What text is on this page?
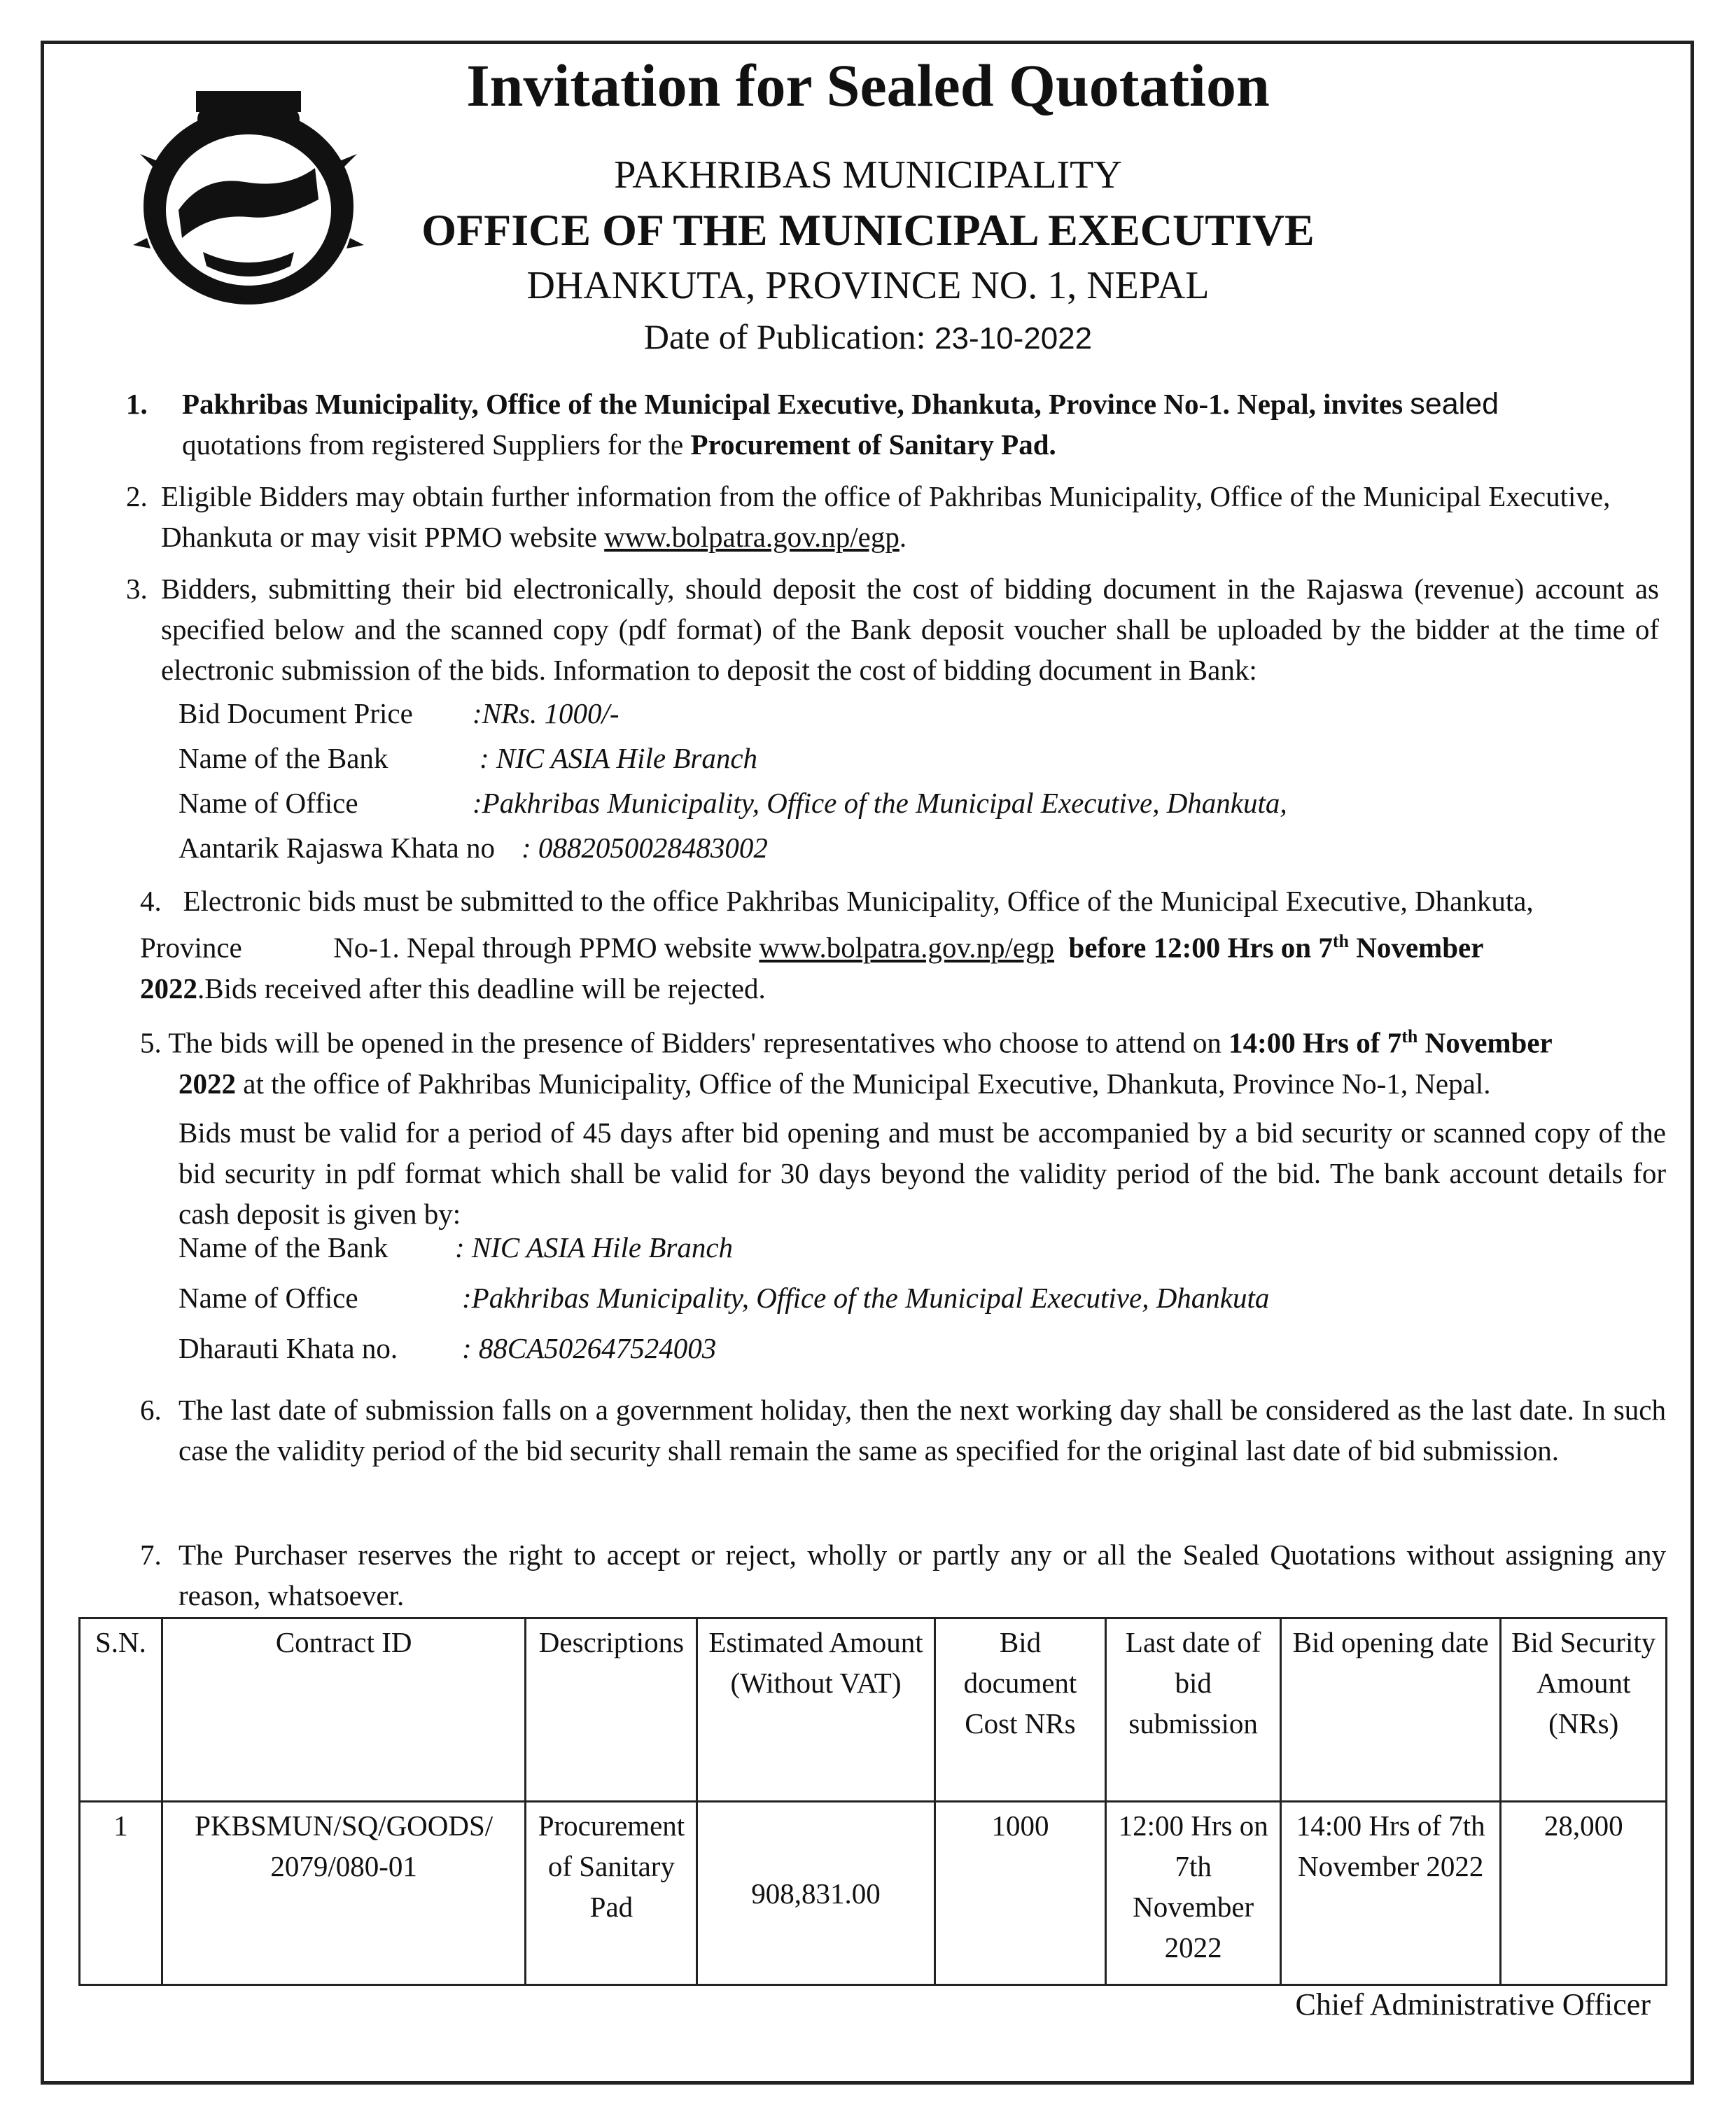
Invitation for Sealed Quotation
PAKHRIBAS MUNICIPALITY
OFFICE OF THE MUNICIPAL EXECUTIVE
DHANKUTA, PROVINCE NO. 1, NEPAL
Date of Publication: 23-10-2022
1.	Pakhribas Municipality, Office of the Municipal Executive, Dhankuta, Province No-1. Nepal, invites sealed
quotations from registered Suppliers for the Procurement of Sanitary Pad.
2. Eligible Bidders may obtain further information from the office of Pakhribas Municipality, Office of the Municipal Executive, Dhankuta or may visit PPMO website www.bolpatra.gov.np/egp.
3. Bidders, submitting their bid electronically, should deposit the cost of bidding document in the Rajaswa (revenue) account as specified below and the scanned copy (pdf format) of the Bank deposit voucher shall be uploaded by the bidder at the time of electronic submission of the bids. Information to deposit the cost of bidding document in Bank:
Bid Document Price :NRs. 1000/-
Name of the Bank	: NIC ASIA Hile Branch
Name of Office	:Pakhribas Municipality, Office of the Municipal Executive, Dhankuta,
Aantarik Rajaswa Khata no : 0882050028483002
4. Electronic bids must be submitted to the office Pakhribas Municipality, Office of the Municipal Executive, Dhankuta,
Province	No-1. Nepal through PPMO website www.bolpatra.gov.np/egp before 12:00 Hrs on 7th November
2022.Bids received after this deadline will be rejected.
5. The bids will be opened in the presence of Bidders' representatives who choose to attend on 14:00 Hrs of 7th November
2022 at the office of Pakhribas Municipality, Office of the Municipal Executive, Dhankuta, Province No-1, Nepal.
Bids must be valid for a period of 45 days after bid opening and must be accompanied by a bid security or scanned copy of the bid security in pdf format which shall be valid for 30 days beyond the validity period of the bid. The bank account details for cash deposit is given by:
Name of the Bank : NIC ASIA Hile Branch
Name of Office	:Pakhribas Municipality, Office of the Municipal Executive, Dhankuta
Dharauti Khata no. : 88CA502647524003
6. The last date of submission falls on a government holiday, then the next working day shall be considered as the last date. In such case the validity period of the bid security shall remain the same as specified for the original last date of bid submission.
7. The Purchaser reserves the right to accept or reject, wholly or partly any or all the Sealed Quotations without assigning any reason, whatsoever.
S.N.	Contract ID	Descriptions	Estimated Amount (Without VAT)	Bid document Cost NRs	Last date of bid submission	Bid opening date	Bid Security Amount (NRs)
1	PKBSMUN/SQ/GOODS/ 2079/080-01	Procurement of Sanitary Pad	908,831.00	1000	12:00 Hrs on 7th November 2022	14:00 Hrs of 7th November 2022	28,000
Chief Administrative Officer
